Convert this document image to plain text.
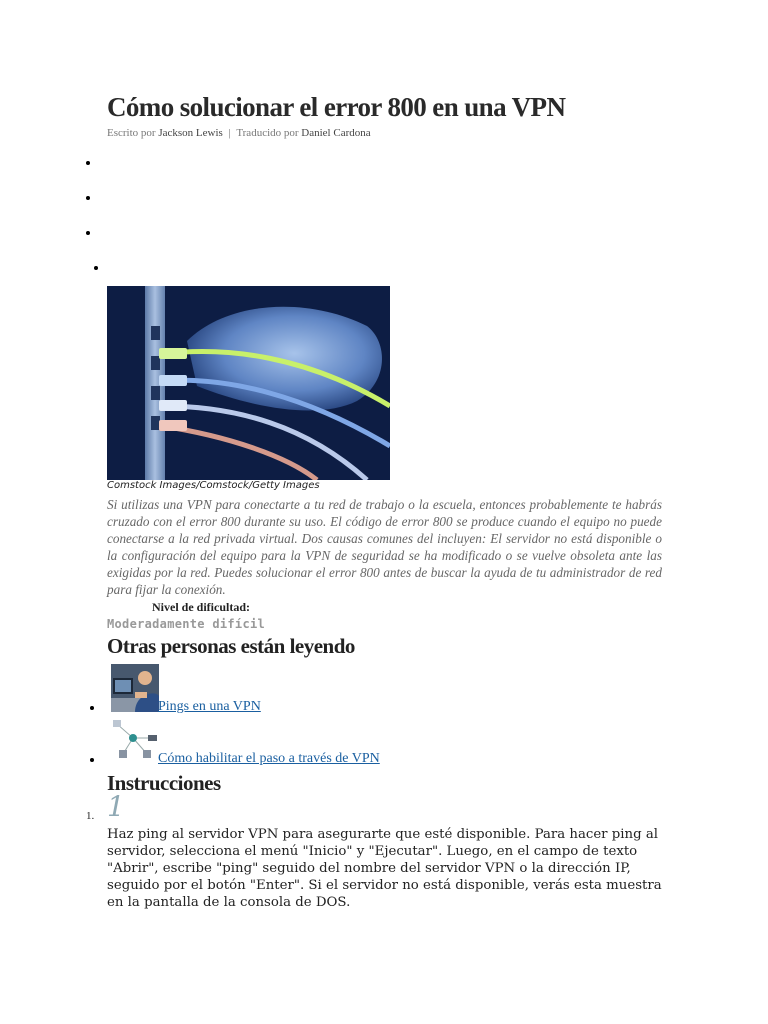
Cómo solucionar el error 800 en una VPN
Escrito por Jackson Lewis | Traducido por Daniel Cardona
Comstock Images/Comstock/Getty Images

Si utilizas una VPN para conectarte a tu red de trabajo o la escuela, entonces probablemente te habrás cruzado con el error 800 durante su uso. El código de error 800 se produce cuando el equipo no puede conectarse a la red privada virtual. Dos causas comunes del incluyen: El servidor no está disponible o la configuración del equipo para la VPN de seguridad se ha modificado o se vuelve obsoleta ante las exigidas por la red. Puedes solucionar el error 800 antes de buscar la ayuda de tu administrador de red para fijar la conexión.

Nivel de dificultad:
Moderadamente difícil
Otras personas están leyendo
Pings en una VPN
Cómo habilitar el paso a través de VPN
Instrucciones
1. 1

Haz ping al servidor VPN para asegurarte que esté disponible. Para hacer ping al servidor, selecciona el menú "Inicio" y "Ejecutar". Luego, en el campo de texto "Abrir", escribe "ping" seguido del nombre del servidor VPN o la dirección IP, seguido por el botón "Enter". Si el servidor no está disponible, verás esta muestra en la pantalla de la consola de DOS.
